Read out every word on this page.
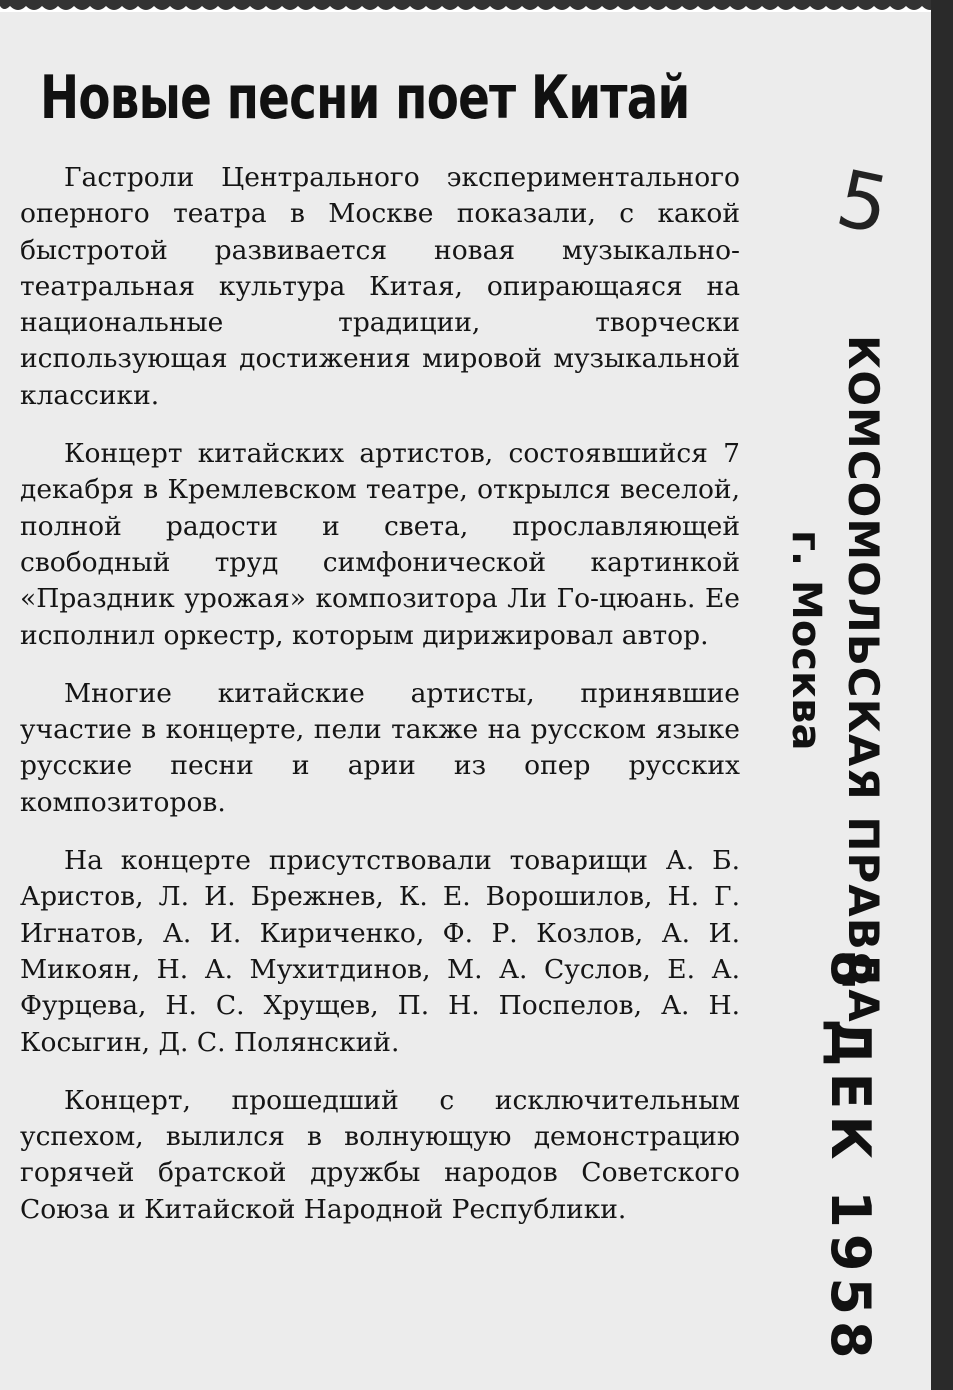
Новые песни поет Китай

Гастроли Центрального экспериментального оперного театра в Москве показали, с какой быстротой развивается новая музыкально-театральная культура Китая, опирающаяся на национальные традиции, творчески использующая достижения мировой музыкальной классики.

Концерт китайских артистов, состоявшийся 7 декабря в Кремлевском театре, открылся веселой, полной радости и света, прославляющей свободный труд симфонической картинкой «Праздник урожая» композитора Ли Го-цюань. Ее исполнил оркестр, которым дирижировал автор.

Многие китайские артисты, принявшие участие в концерте, пели также на русском языке русские песни и арии из опер русских композиторов.

На концерте присутствовали товарищи А. Б. Аристов, Л. И. Брежнев, К. Е. Ворошилов, Н. Г. Игнатов, А. И. Кириченко, Ф. Р. Козлов, А. И. Микоян, Н. А. Мухитдинов, М. А. Суслов, Е. А. Фурцева, Н. С. Хрущев, П. Н. Поспелов, А. Н. Косыгин, Д. С. Полянский.

Концерт, прошедший с исключительным успехом, вылился в волнующую демонстрацию горячей братской дружбы народов Советского Союза и Китайской Народной Республики.

5
КОМСОМОЛЬСКАЯ ПРАВДА
г. Москва
8 ДЕК 1958
